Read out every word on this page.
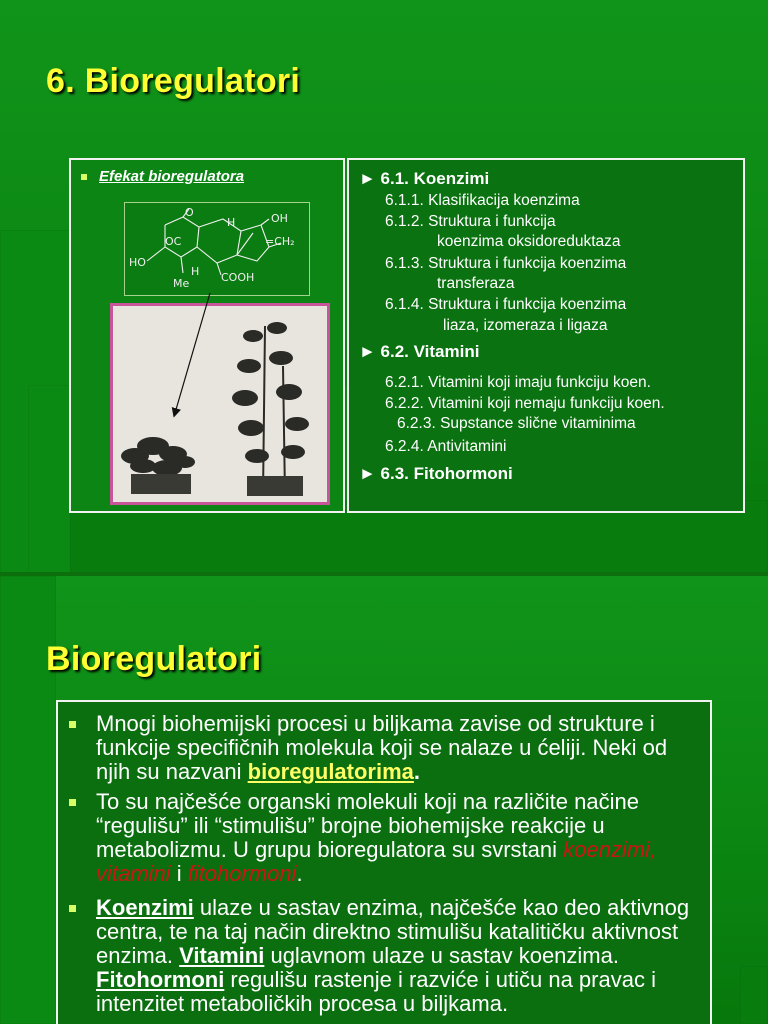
6. Bioregulatori
Efekat bioregulatora
O
H	OH
OC	=CH₂
HO
H
Me	COOH
► 6.1. Koenzimi
6.1.1. Klasifikacija koenzima
6.1.2. Struktura i funkcija
koenzima oksidoreduktaza
6.1.3. Struktura i funkcija koenzima
transferaza
6.1.4. Struktura i funkcija koenzima
liaza, izomeraza i ligaza
► 6.2. Vitamini
6.2.1. Vitamini koji imaju funkciju koen.
6.2.2. Vitamini koji nemaju funkciju koen.
6.2.3. Supstance slične vitaminima
6.2.4. Antivitamini
► 6.3. Fitohormoni
Bioregulatori
Mnogi biohemijski procesi u biljkama zavise od strukture i funkcije specifičnih molekula koji se nalaze u ćeliji. Neki od njih su nazvani bioregulatorima.
To su najčešće organski molekuli koji na različite načine “regulišu” ili “stimulišu” brojne biohemijske reakcije u metabolizmu. U grupu bioregulatora su svrstani koenzimi, vitamini i fitohormoni.
Koenzimi ulaze u sastav enzima, najčešće kao deo aktivnog centra, te na taj način direktno stimulišu katalitičku aktivnost enzima. Vitamini uglavnom ulaze u sastav koenzima. Fitohormoni regulišu rastenje i razviće i utiču na pravac i intenzitet metaboličkih procesa u biljkama.
